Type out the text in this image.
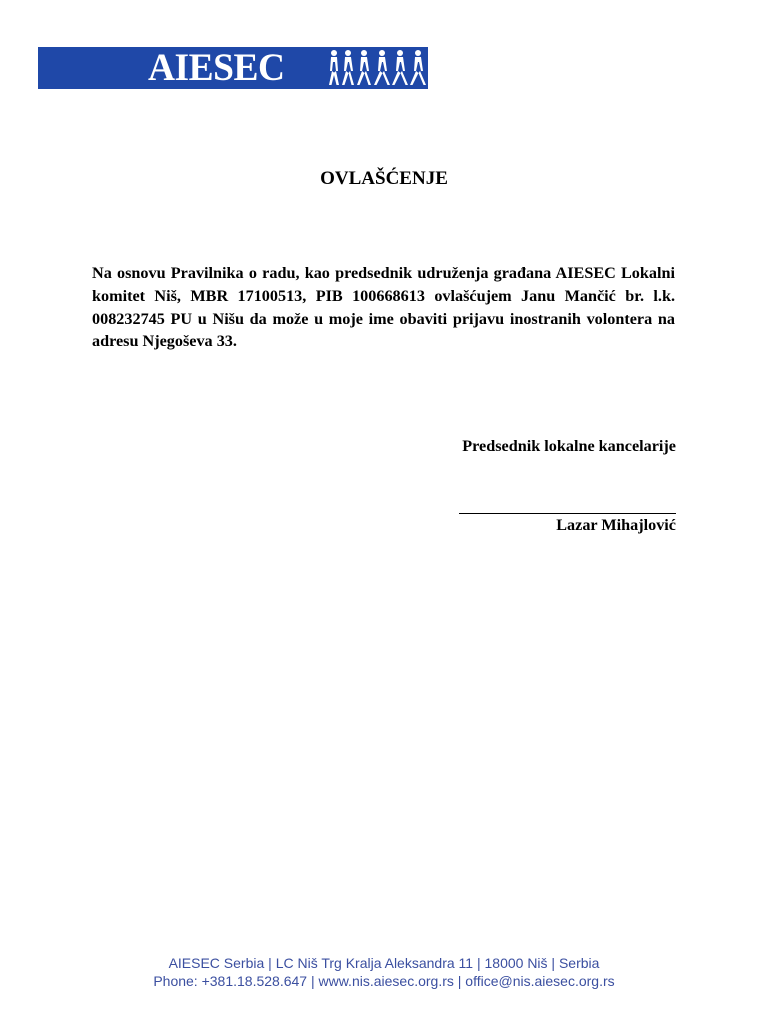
AIESEC
OVLAŠĆENJE
Na osnovu Pravilnika o radu, kao predsednik udruženja građana AIESEC Lokalni komitet Niš, MBR 17100513, PIB 100668613 ovlašćujem Janu Mančić br. l.k. 008232745 PU u Nišu da može u moje ime obaviti prijavu inostranih volontera na adresu Njegoševa 33.
Predsednik lokalne kancelarije
Lazar Mihajlović
AIESEC Serbia | LC Niš Trg Kralja Aleksandra 11 | 18000 Niš | Serbia
Phone: +381.18.528.647 | www.nis.aiesec.org.rs | office@nis.aiesec.org.rs
